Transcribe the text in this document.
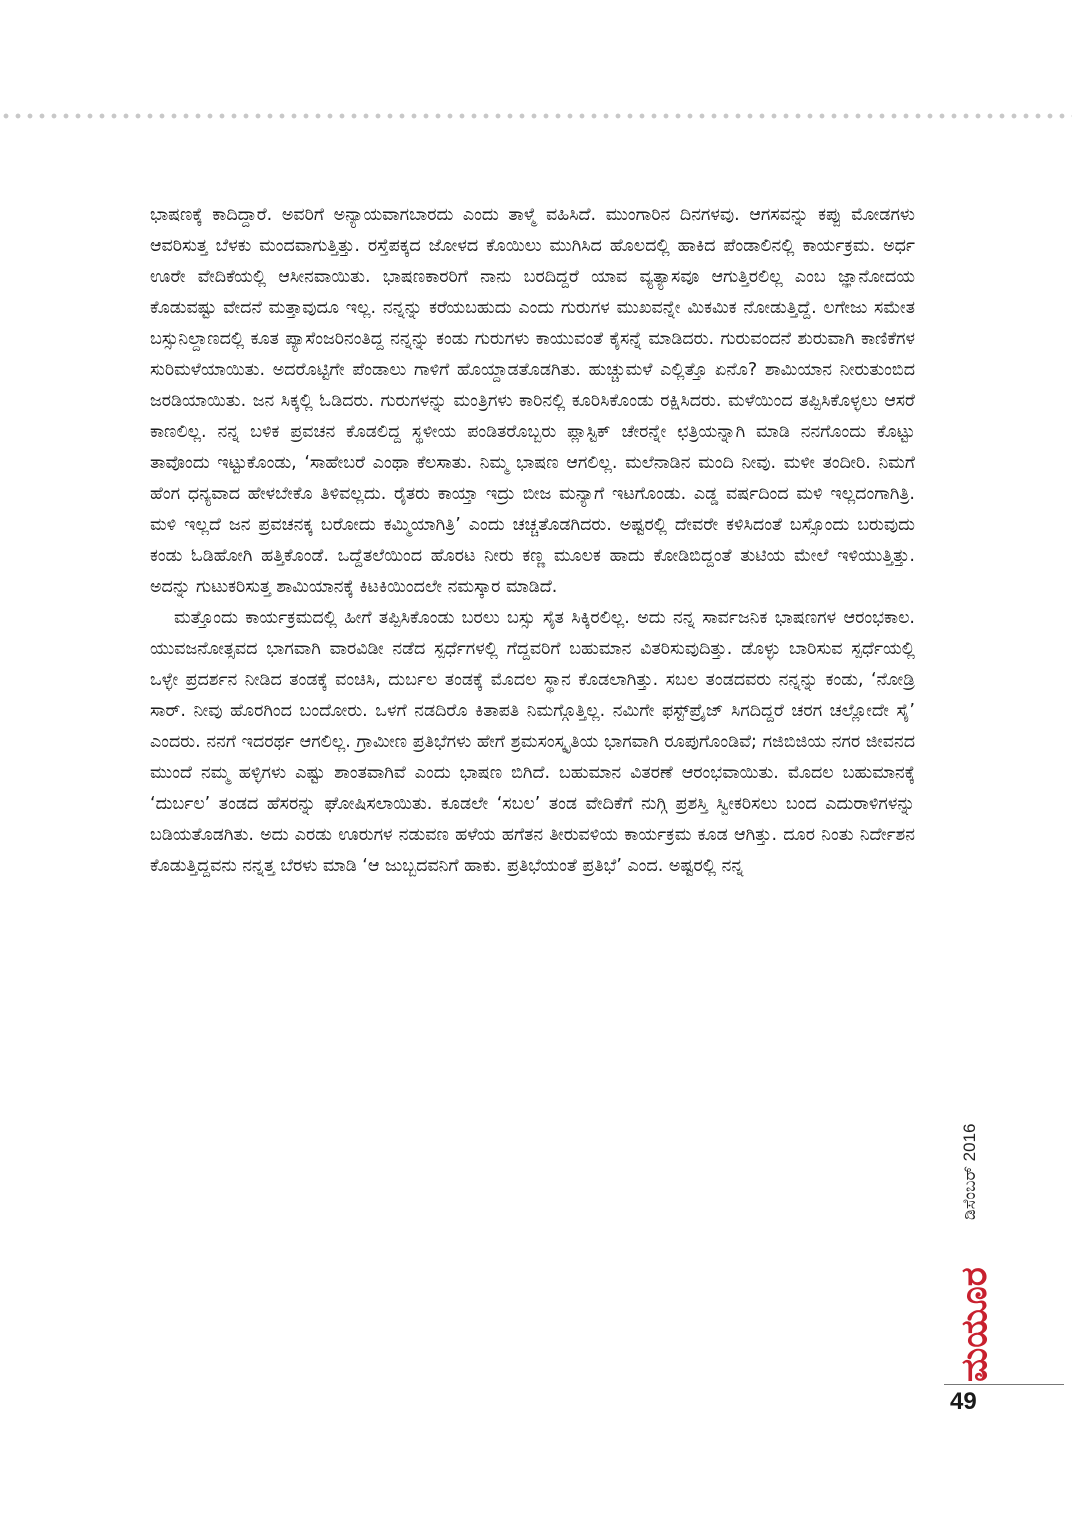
ಭಾಷಣಕ್ಕೆ ಕಾದಿದ್ದಾರೆ. ಅವರಿಗೆ ಅನ್ಯಾಯವಾಗಬಾರದು ಎಂದು ತಾಳ್ಮೆ ವಹಿಸಿದೆ. ಮುಂಗಾರಿನ ದಿನಗಳವು. ಆಗಸವನ್ನು ಕಪ್ಪು ಮೋಡಗಳು ಆವರಿಸುತ್ತ ಬೆಳಕು ಮಂದವಾಗುತ್ತಿತ್ತು. ರಸ್ತೆಪಕ್ಕದ ಜೋಳದ ಕೊಯಿಲು ಮುಗಿಸಿದ ಹೊಲದಲ್ಲಿ ಹಾಕಿದ ಪೆಂಡಾಲಿನಲ್ಲಿ ಕಾರ್ಯಕ್ರಮ. ಅರ್ಧ ಊರೇ ವೇದಿಕೆಯಲ್ಲಿ ಆಸೀನವಾಯಿತು. ಭಾಷಣಕಾರರಿಗೆ ನಾನು ಬರದಿದ್ದರೆ ಯಾವ ವ್ಯತ್ಯಾಸವೂ ಆಗುತ್ತಿರಲಿಲ್ಲ ಎಂಬ ಜ್ಞಾನೋದಯ ಕೊಡುವಷ್ಟು ವೇದನೆ ಮತ್ತಾವುದೂ ಇಲ್ಲ. ನನ್ನನ್ನು ಕರೆಯಬಹುದು ಎಂದು ಗುರುಗಳ ಮುಖವನ್ನೇ ಮಿಕಮಿಕ ನೋಡುತ್ತಿದ್ದೆ. ಲಗೇಜು ಸಮೇತ ಬಸ್ಸುನಿಲ್ದಾಣದಲ್ಲಿ ಕೂತ ಪ್ಯಾಸೆಂಜರಿನಂತಿದ್ದ ನನ್ನನ್ನು ಕಂಡು ಗುರುಗಳು ಕಾಯುವಂತೆ ಕೈಸನ್ನೆ ಮಾಡಿದರು. ಗುರುವಂದನೆ ಶುರುವಾಗಿ ಕಾಣಿಕೆಗಳ ಸುರಿಮಳೆಯಾಯಿತು. ಅದರೊಟ್ಟಿಗೇ ಪೆಂಡಾಲು ಗಾಳಿಗೆ ಹೊಯ್ದಾಡತೊಡಗಿತು. ಹುಚ್ಚುಮಳೆ ಎಲ್ಲಿತ್ತೊ ಏನೊ? ಶಾಮಿಯಾನ ನೀರುತುಂಬಿದ ಜರಡಿಯಾಯಿತು. ಜನ ಸಿಕ್ಕಲ್ಲಿ ಓಡಿದರು. ಗುರುಗಳನ್ನು ಮಂತ್ರಿಗಳು ಕಾರಿನಲ್ಲಿ ಕೂರಿಸಿಕೊಂಡು ರಕ್ಷಿಸಿದರು. ಮಳೆಯಿಂದ ತಪ್ಪಿಸಿಕೊಳ್ಳಲು ಆಸರೆ ಕಾಣಲಿಲ್ಲ. ನನ್ನ ಬಳಿಕ ಪ್ರವಚನ ಕೊಡಲಿದ್ದ ಸ್ಥಳೀಯ ಪಂಡಿತರೊಬ್ಬರು ಪ್ಲಾಸ್ಟಿಕ್ ಚೇರನ್ನೇ ಛತ್ರಿಯನ್ನಾಗಿ ಮಾಡಿ ನನಗೊಂದು ಕೊಟ್ಟು ತಾವೊಂದು ಇಟ್ಟುಕೊಂಡು, ‘ಸಾಹೇಬರೆ ಎಂಥಾ ಕೆಲಸಾತು. ನಿಮ್ಮ ಭಾಷಣ ಆಗಲಿಲ್ಲ. ಮಲೆನಾಡಿನ ಮಂದಿ ನೀವು. ಮಳೀ ತಂದೀರಿ. ನಿಮಗೆ ಹೆಂಗ ಧನ್ಯವಾದ ಹೇಳಬೇಕೊ ತಿಳಿವಲ್ಲದು. ರೈತರು ಕಾಯ್ತಾ ಇದ್ರು ಬೀಜ ಮನ್ಯಾಗೆ ಇಟಗೊಂಡು. ಎಡ್ಡ ವರ್ಷದಿಂದ ಮಳಿ ಇಲ್ಲದಂಗಾಗಿತ್ರಿ. ಮಳಿ ಇಲ್ಲದೆ ಜನ ಪ್ರವಚನಕ್ಕ ಬರೋದು ಕಮ್ಮಿಯಾಗಿತ್ರಿ’ ಎಂದು ಚಚ್ಚತೊಡಗಿದರು. ಅಷ್ಟರಲ್ಲಿ ದೇವರೇ ಕಳಿಸಿದಂತೆ ಬಸ್ಸೊಂದು ಬರುವುದು ಕಂಡು ಓಡಿಹೋಗಿ ಹತ್ತಿಕೊಂಡೆ. ಒದ್ದೆತಲೆಯಿಂದ ಹೊರಟ ನೀರು ಕಣ್ಣ ಮೂಲಕ ಹಾದು ಕೋಡಿಬಿದ್ದಂತೆ ತುಟಿಯ ಮೇಲೆ ಇಳಿಯುತ್ತಿತ್ತು. ಅದನ್ನು ಗುಟುಕರಿಸುತ್ತ ಶಾಮಿಯಾನಕ್ಕೆ ಕಿಟಕಿಯಿಂದಲೇ ನಮಸ್ಕಾರ ಮಾಡಿದೆ.

ಮತ್ತೊಂದು ಕಾರ್ಯಕ್ರಮದಲ್ಲಿ ಹೀಗೆ ತಪ್ಪಿಸಿಕೊಂಡು ಬರಲು ಬಸ್ಸು ಸೈತ ಸಿಕ್ಕಿರಲಿಲ್ಲ. ಅದು ನನ್ನ ಸಾರ್ವಜನಿಕ ಭಾಷಣಗಳ ಆರಂಭಕಾಲ. ಯುವಜನೋತ್ಸವದ ಭಾಗವಾಗಿ ವಾರವಿಡೀ ನಡೆದ ಸ್ಪರ್ಧೆಗಳಲ್ಲಿ ಗೆದ್ದವರಿಗೆ ಬಹುಮಾನ ವಿತರಿಸುವುದಿತ್ತು. ಡೊಳ್ಳು ಬಾರಿಸುವ ಸ್ಪರ್ಧೆಯಲ್ಲಿ ಒಳ್ಳೇ ಪ್ರದರ್ಶನ ನೀಡಿದ ತಂಡಕ್ಕೆ ವಂಚಿಸಿ, ದುರ್ಬಲ ತಂಡಕ್ಕೆ ಮೊದಲ ಸ್ಥಾನ ಕೊಡಲಾಗಿತ್ತು. ಸಬಲ ತಂಡದವರು ನನ್ನನ್ನು ಕಂಡು, ‘ನೋಡ್ರಿ ಸಾರ್. ನೀವು ಹೊರಗಿಂದ ಬಂದೋರು. ಒಳಗೆ ನಡದಿರೊ ಕಿತಾಪತಿ ನಿಮಗ್ಗೊತ್ತಿಲ್ಲ. ನಮಿಗೇ ಫಸ್ಟ್‌ಪ್ರೈಜ್ ಸಿಗದಿದ್ದರೆ ಚರಗ ಚಲ್ಲೋದೇ ಸೈ’ ಎಂದರು. ನನಗೆ ಇದರರ್ಥ ಆಗಲಿಲ್ಲ. ಗ್ರಾಮೀಣ ಪ್ರತಿಭೆಗಳು ಹೇಗೆ ಶ್ರಮಸಂಸ್ಕೃತಿಯ ಭಾಗವಾಗಿ ರೂಪುಗೊಂಡಿವೆ; ಗಜಿಬಿಜಿಯ ನಗರ ಜೀವನದ ಮುಂದೆ ನಮ್ಮ ಹಳ್ಳಿಗಳು ಎಷ್ಟು ಶಾಂತವಾಗಿವೆ ಎಂದು ಭಾಷಣ ಬಿಗಿದೆ. ಬಹುಮಾನ ವಿತರಣೆ ಆರಂಭವಾಯಿತು. ಮೊದಲ ಬಹುಮಾನಕ್ಕೆ ‘ದುರ್ಬಲ’ ತಂಡದ ಹೆಸರನ್ನು ಘೋಷಿಸಲಾಯಿತು. ಕೂಡಲೇ ‘ಸಬಲ’ ತಂಡ ವೇದಿಕೆಗೆ ನುಗ್ಗಿ ಪ್ರಶಸ್ತಿ ಸ್ವೀಕರಿಸಲು ಬಂದ ಎದುರಾಳಿಗಳನ್ನು ಬಡಿಯತೊಡಗಿತು. ಅದು ಎರಡು ಊರುಗಳ ನಡುವಣ ಹಳೆಯ ಹಗೆತನ ತೀರುವಳಿಯ ಕಾರ್ಯಕ್ರಮ ಕೂಡ ಆಗಿತ್ತು. ದೂರ ನಿಂತು ನಿರ್ದೇಶನ ಕೊಡುತ್ತಿದ್ದವನು ನನ್ನತ್ತ ಬೆರಳು ಮಾಡಿ ‘ಆ ಜುಬ್ಬದವನಿಗೆ ಹಾಕು. ಪ್ರತಿಭೆಯಂತೆ ಪ್ರತಿಭೆ’ ಎಂದ. ಅಷ್ಟರಲ್ಲಿ ನನ್ನ

ಡಿಸೆಂಬರ್ 2016
ಮಯೂರ
49
